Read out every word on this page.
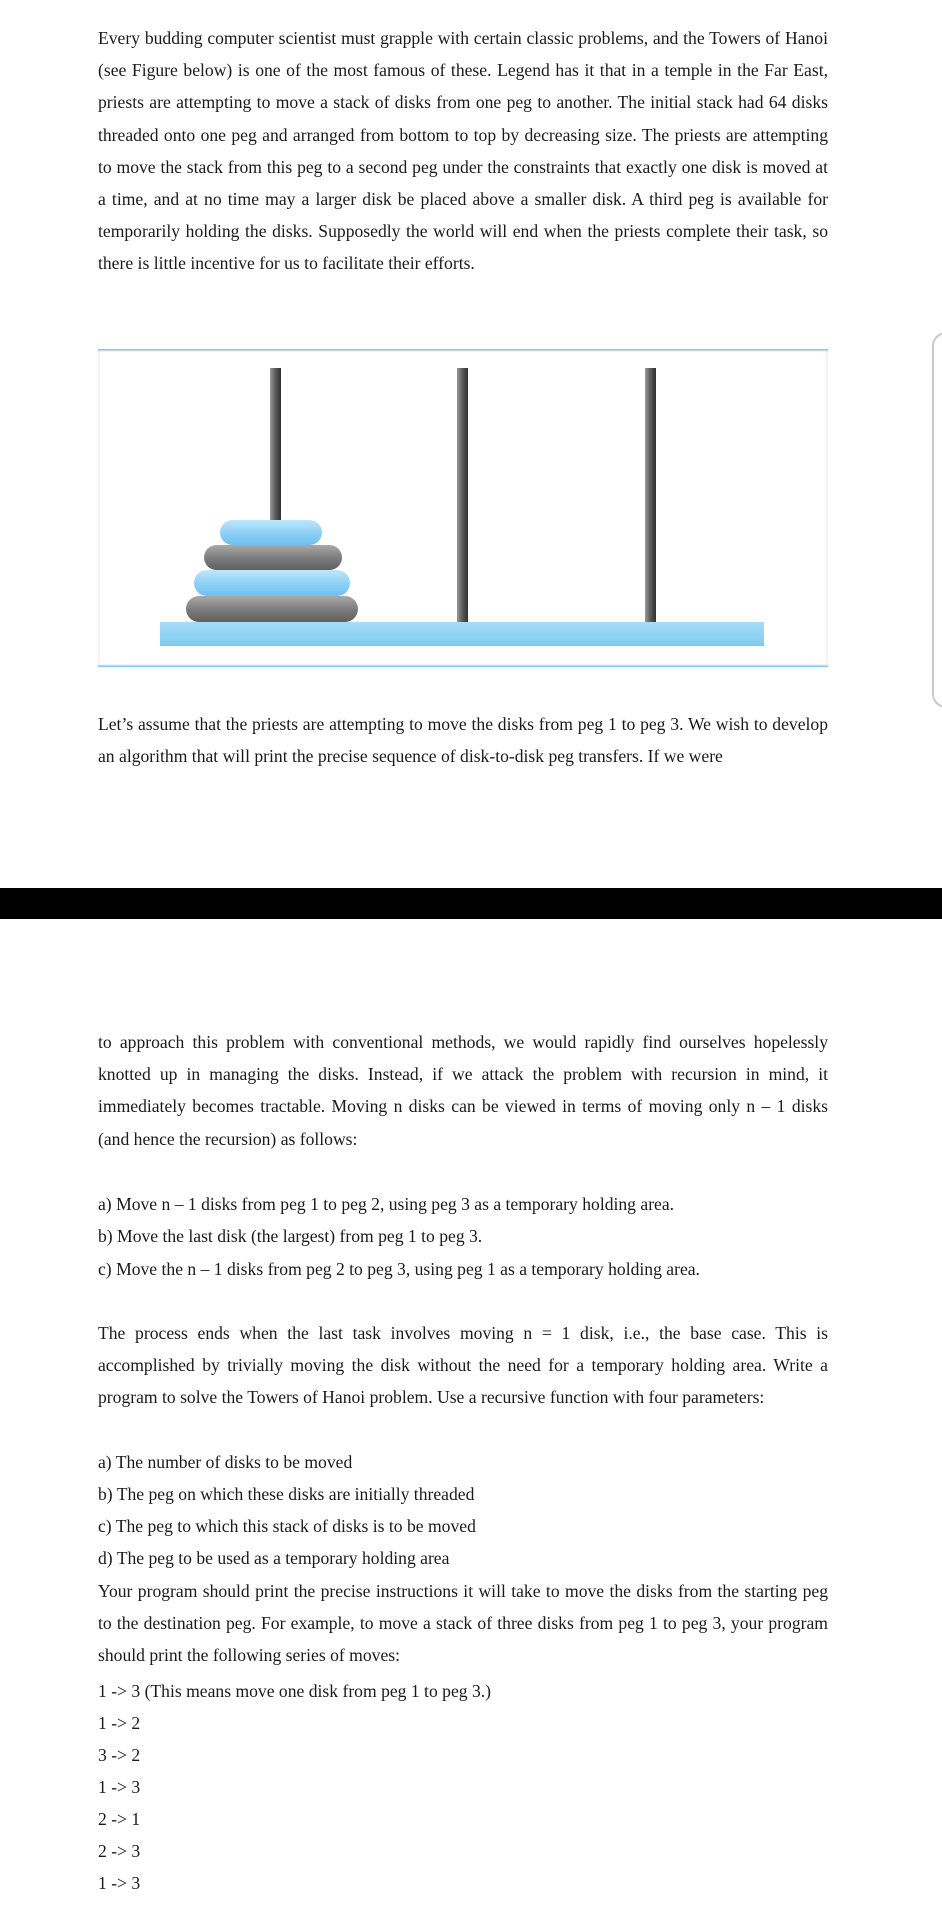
Every budding computer scientist must grapple with certain classic problems, and the Towers of Hanoi (see Figure below) is one of the most famous of these. Legend has it that in a temple in the Far East, priests are attempting to move a stack of disks from one peg to another. The initial stack had 64 disks threaded onto one peg and arranged from bottom to top by decreasing size. The priests are attempting to move the stack from this peg to a second peg under the constraints that exactly one disk is moved at a time, and at no time may a larger disk be placed above a smaller disk. A third peg is available for temporarily holding the disks. Supposedly the world will end when the priests complete their task, so there is little incentive for us to facilitate their efforts.

Let’s assume that the priests are attempting to move the disks from peg 1 to peg 3. We wish to develop an algorithm that will print the precise sequence of disk-to-disk peg transfers. If we were

to approach this problem with conventional methods, we would rapidly find ourselves hopelessly knotted up in managing the disks. Instead, if we attack the problem with recursion in mind, it immediately becomes tractable. Moving n disks can be viewed in terms of moving only n – 1 disks (and hence the recursion) as follows:

a) Move n – 1 disks from peg 1 to peg 2, using peg 3 as a temporary holding area.
b) Move the last disk (the largest) from peg 1 to peg 3.
c) Move the n – 1 disks from peg 2 to peg 3, using peg 1 as a temporary holding area.

The process ends when the last task involves moving n = 1 disk, i.e., the base case. This is accomplished by trivially moving the disk without the need for a temporary holding area. Write a program to solve the Towers of Hanoi problem. Use a recursive function with four parameters:

a) The number of disks to be moved
b) The peg on which these disks are initially threaded
c) The peg to which this stack of disks is to be moved
d) The peg to be used as a temporary holding area

Your program should print the precise instructions it will take to move the disks from the starting peg to the destination peg. For example, to move a stack of three disks from peg 1 to peg 3, your program should print the following series of moves:

1 -> 3 (This means move one disk from peg 1 to peg 3.)
1 -> 2
3 -> 2
1 -> 3
2 -> 1
2 -> 3
1 -> 3
